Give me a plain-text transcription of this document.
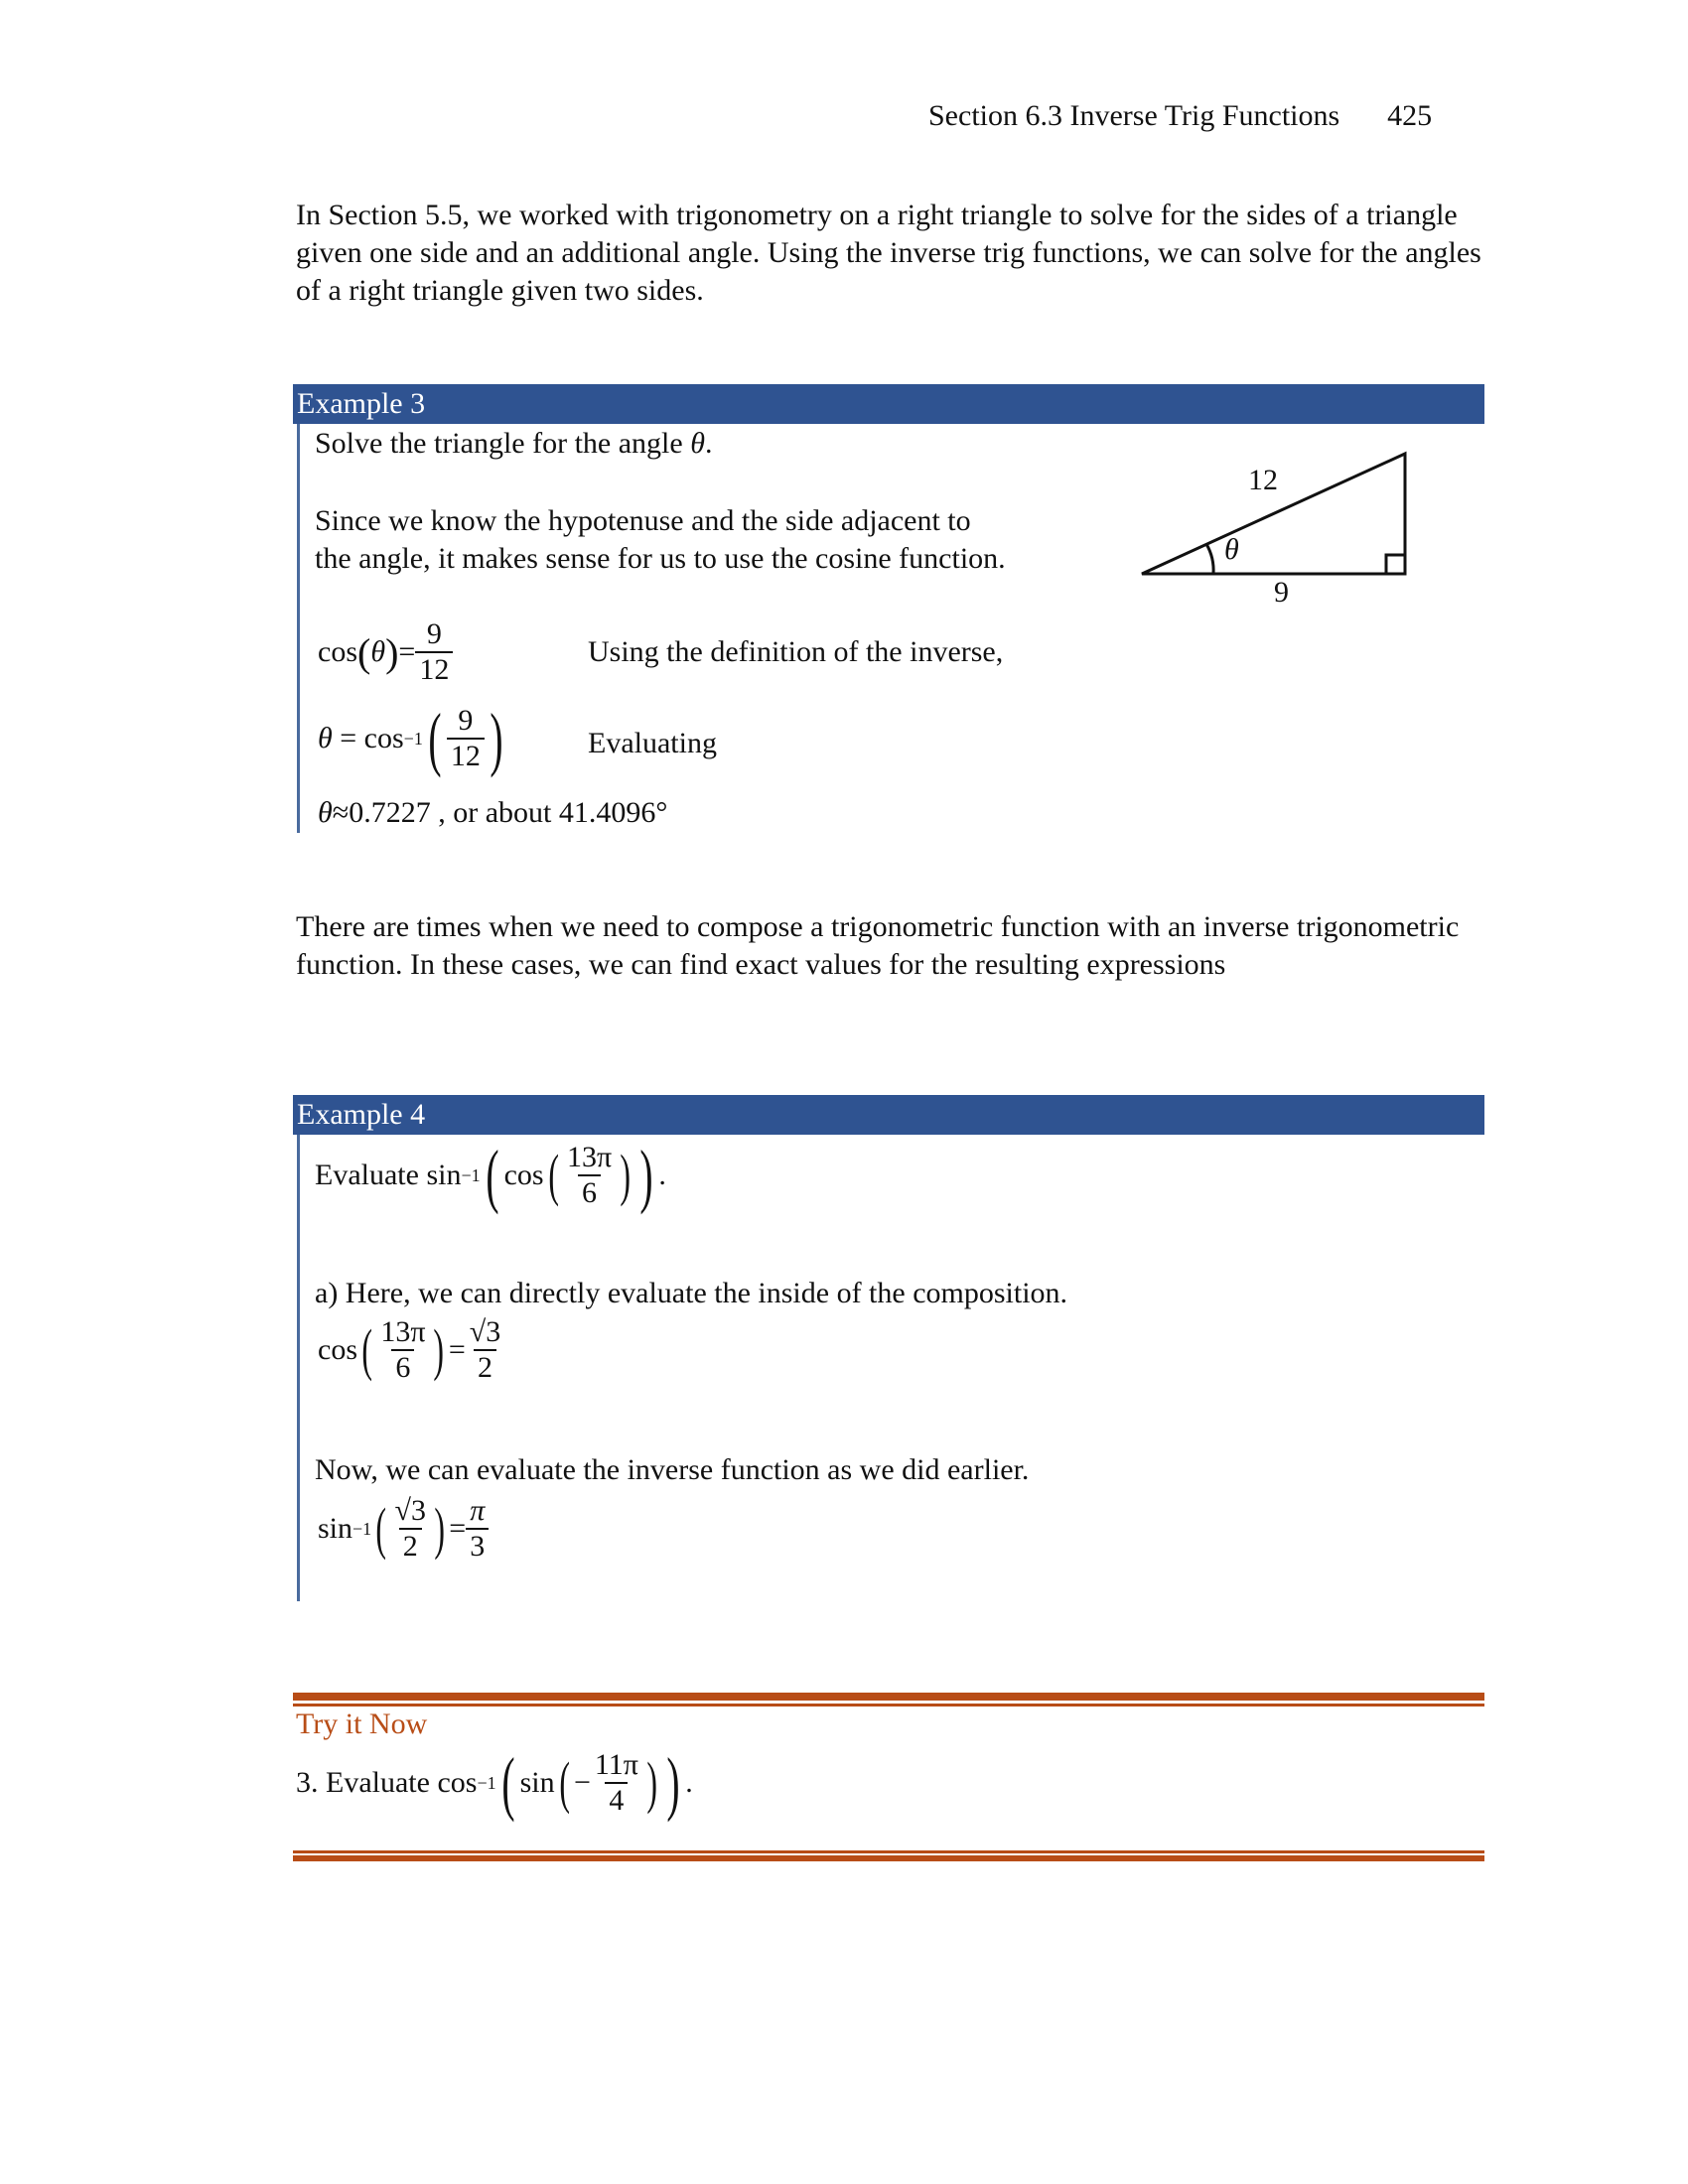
Section 6.3 Inverse Trig Functions 425
In Section 5.5, we worked with trigonometry on a right triangle to solve for the sides of a triangle given one side and an additional angle. Using the inverse trig functions, we can solve for the angles of a right triangle given two sides.
Example 3
Solve the triangle for the angle θ.
Since we know the hypotenuse and the side adjacent to
the angle, it makes sense for us to use the cosine function.
12
θ
9
cos ( θ ) = $\frac{9}{12}$	Using the definition of the inverse,
θ
=
cos −1 ( $\frac{9}{12}$ )	Evaluating
θ≈0.7227 , or about 41.4096°
There are times when we need to compose a trigonometric function with an inverse trigonometric function. In these cases, we can find exact values for the resulting expressions
Example 4
Evaluate
sin −1 ( cos ( $\frac{13\pi}{6}$ ) ) .
a) Here, we can directly evaluate the inside of the composition.
cos ( $\frac{13\pi}{6}$ ) = $\frac{√3}{2}$
Now, we can evaluate the inverse function as we did earlier.
sin −1 ( $\frac{√3}{2}$ ) = $\frac{\pi}{3}$
Try it Now
3. Evaluate
cos −1 ( sin ( − $\frac{11\pi}{4}$ ) ) .
